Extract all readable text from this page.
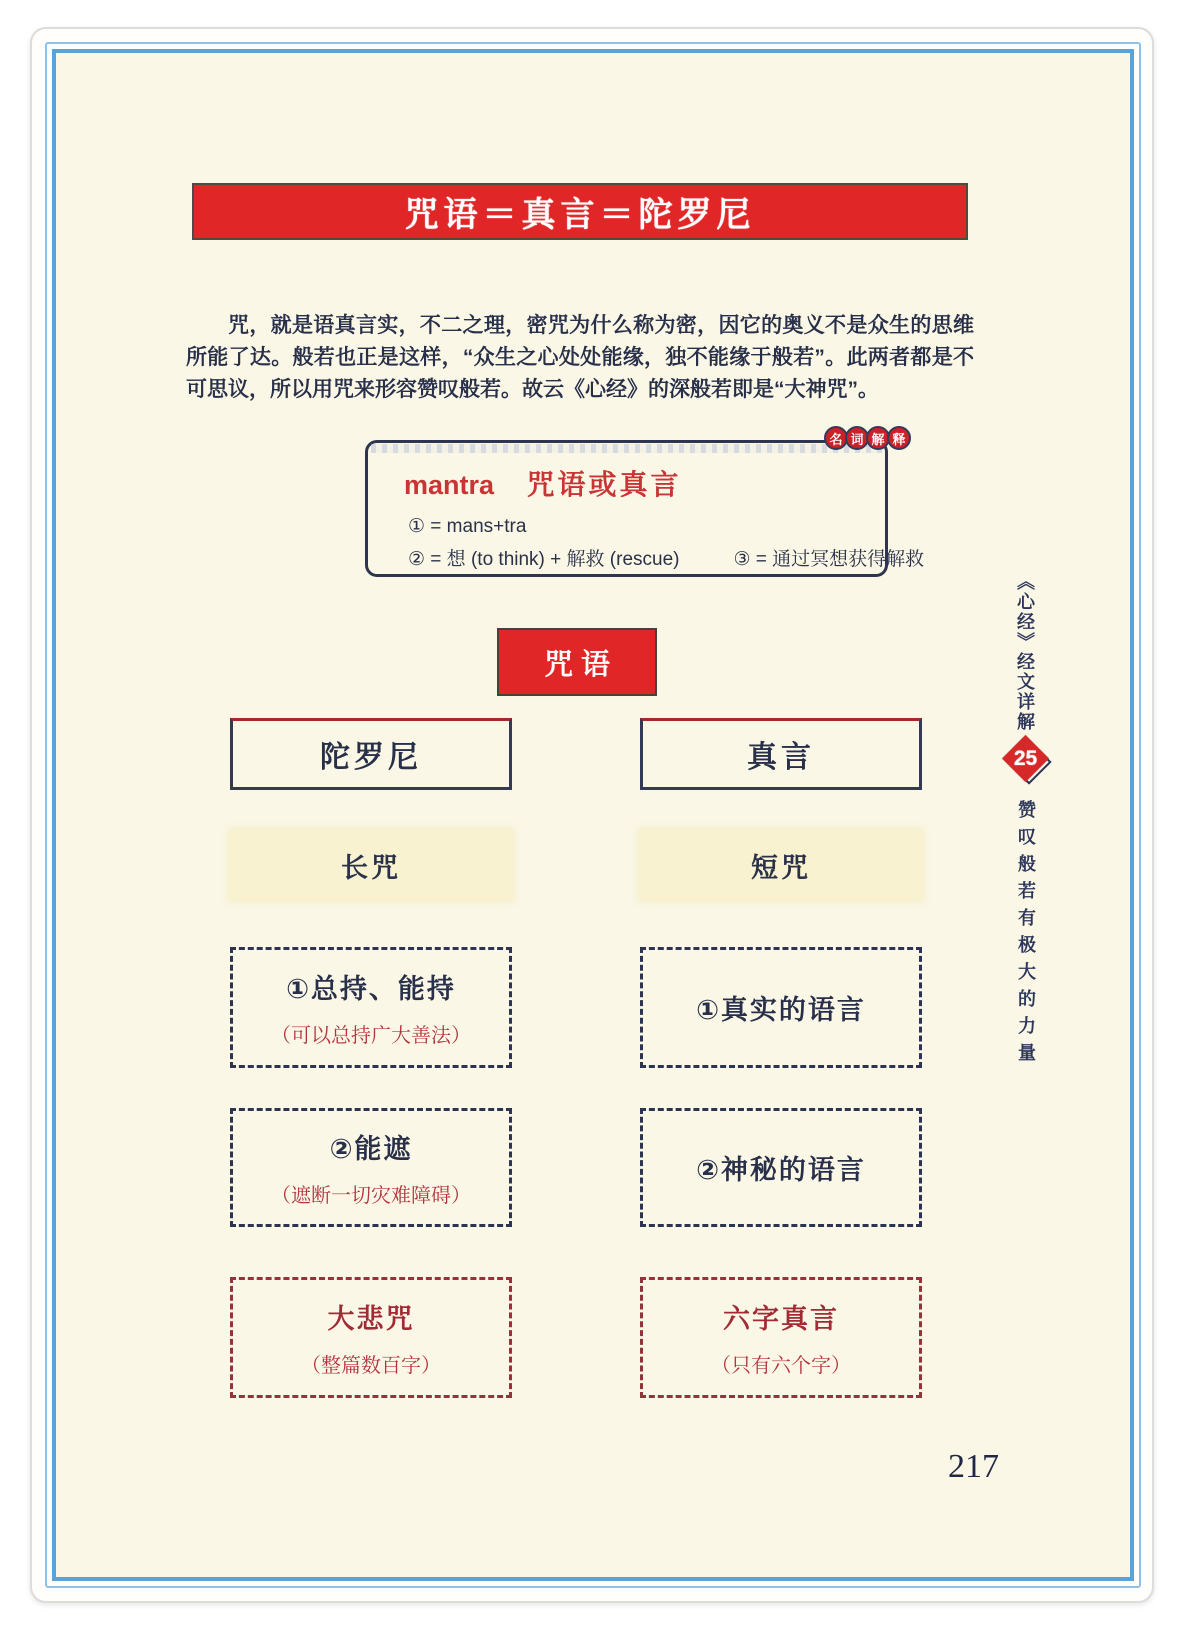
咒语＝真言＝陀罗尼

咒，就是语真言实，不二之理，密咒为什么称为密，因它的奥义不是众生的思维所能了达。般若也正是这样，“众生之心处处能缘，独不能缘于般若”。此两者都是不可思议，所以用咒来形容赞叹般若。故云《心经》的深般若即是“大神咒”。

名 词 解 释
mantra 咒语或真言
① = mans+tra
② = 想 (to think) + 解救 (rescue)	③ = 通过冥想获得解救
咒语
陀罗尼	真言
长咒	短咒
①总持、能持
（可以总持广大善法）
①真实的语言
②能遮
（遮断一切灾难障碍）
②神秘的语言
大悲咒
（整篇数百字）
六字真言
（只有六个字）
《心经》经文详解
25
赞叹般若有极大的力量
217
